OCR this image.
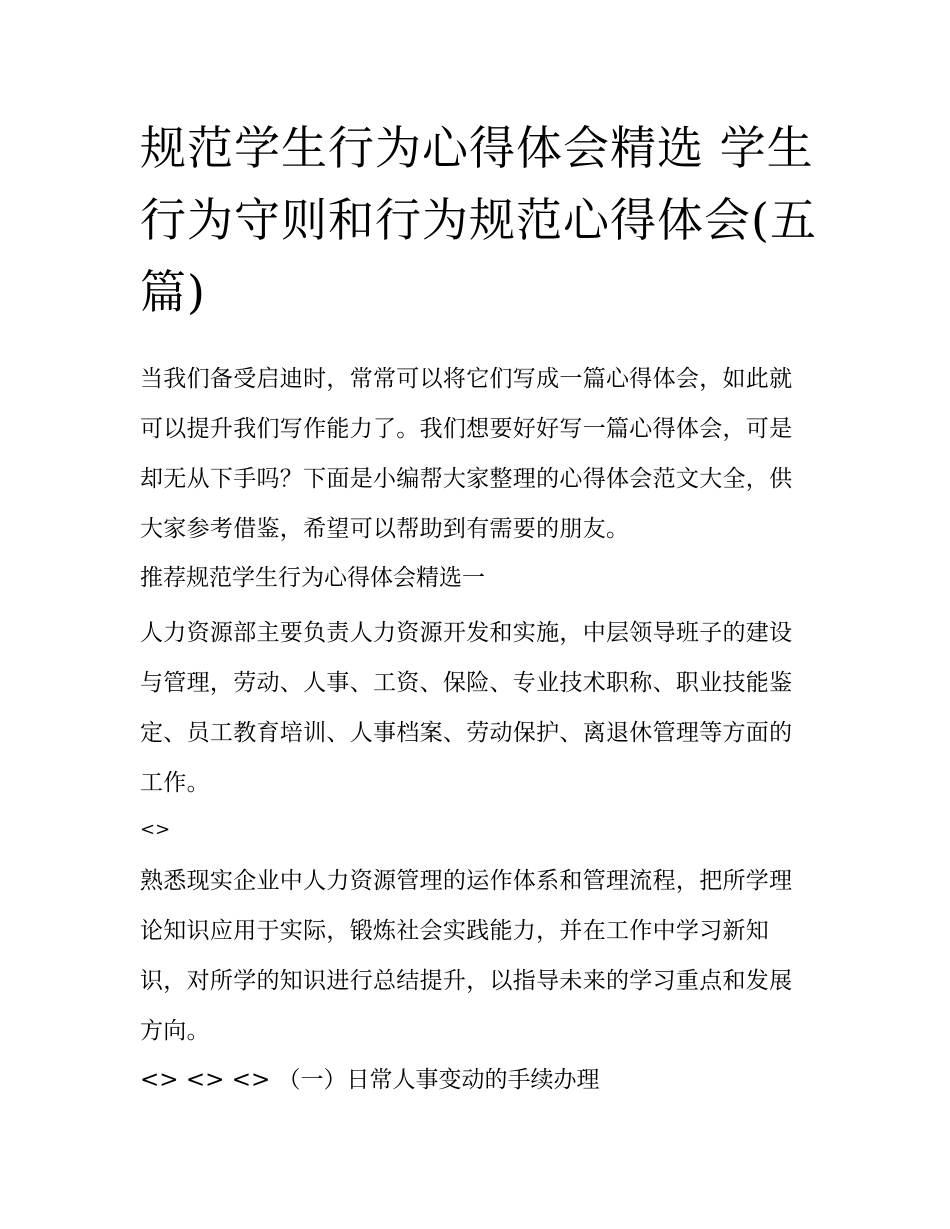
规范学生行为心得体会精选 学生行为守则和行为规范心得体会(五篇)

当我们备受启迪时，常常可以将它们写成一篇心得体会，如此就可以提升我们写作能力了。我们想要好好写一篇心得体会，可是却无从下手吗？下面是小编帮大家整理的心得体会范文大全，供大家参考借鉴，希望可以帮助到有需要的朋友。

推荐规范学生行为心得体会精选一

人力资源部主要负责人力资源开发和实施，中层领导班子的建设与管理，劳动、人事、工资、保险、专业技术职称、职业技能鉴定、员工教育培训、人事档案、劳动保护、离退休管理等方面的工作。

<>

熟悉现实企业中人力资源管理的运作体系和管理流程，把所学理论知识应用于实际，锻炼社会实践能力，并在工作中学习新知识，对所学的知识进行总结提升，以指导未来的学习重点和发展方向。

<> <> <> （一）日常人事变动的手续办理
